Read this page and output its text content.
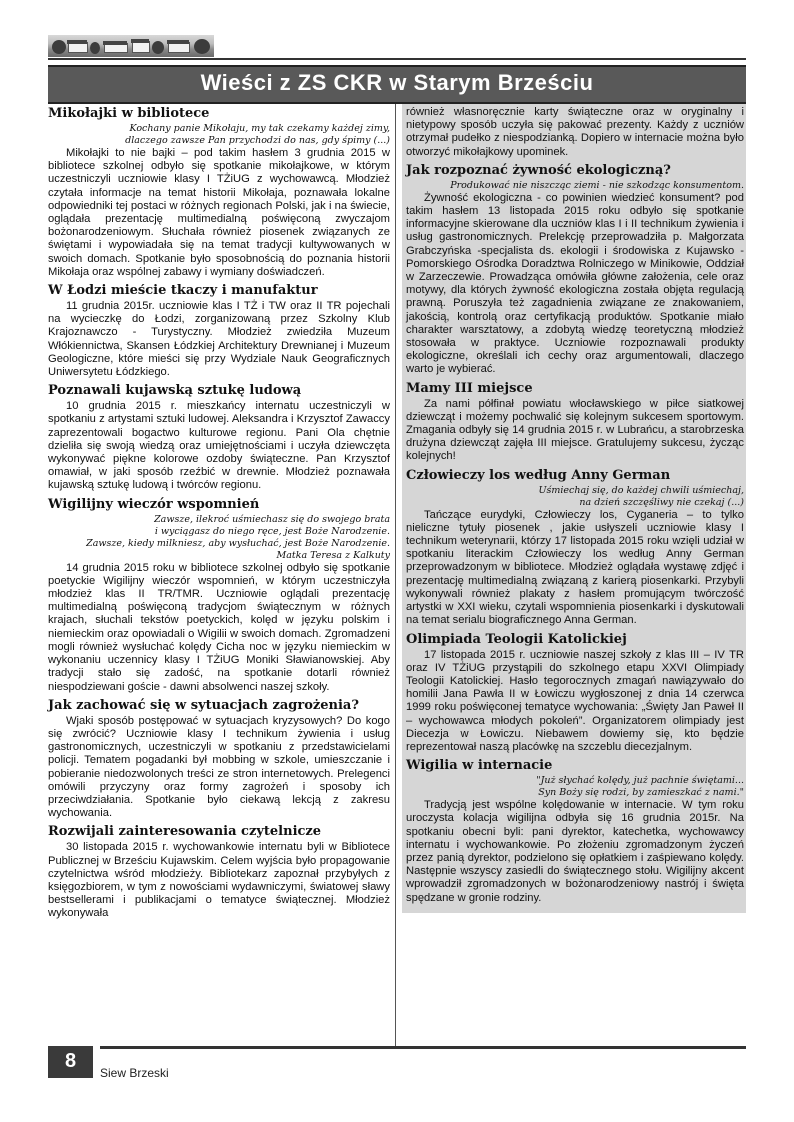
Wieści z ZS CKR w Starym Brześciu
Mikołajki w bibliotece
Kochany panie Mikołaju, my tak czekamy każdej zimy,
dlaczego zawsze Pan przychodzi do nas, gdy śpimy (...)

Mikołajki to nie bajki – pod takim hasłem 3 grudnia 2015 w bibliotece szkolnej odbyło się spotkanie mikołajkowe, w którym uczestniczyli uczniowie klasy I TŻiUG z wychowawcą. Młodzież czytała informacje na temat historii Mikołaja, poznawała lokalne odpowiedniki tej postaci w różnych regionach Polski, jak i na świecie, oglądała prezentację multimedialną poświęconą zwyczajom bożonarodzeniowym. Słuchała również piosenek związanych ze świętami i wypowiadała się na temat tradycji kultywowanych w swoich domach. Spotkanie było sposobnością do poznania historii Mikołaja oraz wspólnej zabawy i wymiany doświadczeń.

W Łodzi mieście tkaczy i manufaktur

11 grudnia 2015r. uczniowie klas I TŻ i TW oraz II TR pojechali na wycieczkę do Łodzi, zorganizowaną przez Szkolny Klub Krajoznawczo - Turystyczny. Młodzież zwiedziła Muzeum Włókiennictwa, Skansen Łódzkiej Architektury Drewnianej i Muzeum Geologiczne, które mieści się przy Wydziale Nauk Geograficznych Uniwersytetu Łódzkiego.

Poznawali kujawską sztukę ludową

10 grudnia 2015 r. mieszkańcy internatu uczestniczyli w spotkaniu z artystami sztuki ludowej. Aleksandra i Krzysztof Zawaccy zaprezentowali bogactwo kulturowe regionu. Pani Ola chętnie dzieliła się swoją wiedzą oraz umiejętnościami i uczyła dziewczęta wykonywać piękne kolorowe ozdoby świąteczne. Pan Krzysztof omawiał, w jaki sposób rzeźbić w drewnie. Młodzież poznawała kujawską sztukę ludową i twórców regionu.

Wigilijny wieczór wspomnień
Zawsze, ilekroć uśmiechasz się do swojego brata
i wyciągasz do niego ręce, jest Boże Narodzenie.
Zawsze, kiedy milkniesz, aby wysłuchać, jest Boże Narodzenie.
Matka Teresa z Kalkuty

14 grudnia 2015 roku w bibliotece szkolnej odbyło się spotkanie poetyckie Wigilijny wieczór wspomnień, w którym uczestniczyła młodzież klas II TR/TMR. Uczniowie oglądali prezentację multimedialną poświęconą tradycjom świątecznym w różnych krajach, słuchali tekstów poetyckich, kolęd w języku polskim i niemieckim oraz opowiadali o Wigilii w swoich domach. Zgromadzeni mogli również wysłuchać kolędy Cicha noc w języku niemieckim w wykonaniu uczennicy klasy I TŻiUG Moniki Sławianowskiej. Aby tradycji stało się zadość, na spotkanie dotarli również niespodziewani goście - dawni absolwenci naszej szkoły.

Jak zachować się w sytuacjach zagrożenia?

Wjaki sposób postępować w sytuacjach kryzysowych? Do kogo się zwrócić? Uczniowie klasy I technikum żywienia i usług gastronomicznych, uczestniczyli w spotkaniu z przedstawicielami policji. Tematem pogadanki był mobbing w szkole, umieszczanie i pobieranie niedozwolonych treści ze stron internetowych. Prelegenci omówili przyczyny oraz formy zagrożeń i sposoby ich przeciwdziałania. Spotkanie było ciekawą lekcją z zakresu wychowania.

Rozwijali zainteresowania czytelnicze

30 listopada 2015 r. wychowankowie internatu byli w Bibliotece Publicznej w Brześciu Kujawskim. Celem wyjścia było propagowanie czytelnictwa wśród młodzieży. Bibliotekarz zapoznał przybyłych z księgozbiorem, w tym z nowościami wydawniczymi, światowej sławy bestsellerami i publikacjami o tematyce świątecznej. Młodzież wykonywała

również własnoręcznie karty świąteczne oraz w oryginalny i nietypowy sposób uczyła się pakować prezenty. Każdy z uczniów otrzymał pudełko z niespodzianką. Dopiero w internacie można było otworzyć mikołajkowy upominek.

Jak rozpoznać żywność ekologiczną?
Produkować nie niszcząc ziemi - nie szkodząc konsumentom.

Żywność ekologiczna - co powinien wiedzieć konsument? pod takim hasłem 13 listopada 2015 roku odbyło się spotkanie informacyjne skierowane dla uczniów klas I i II technikum żywienia i usług gastronomicznych. Prelekcję przeprowadziła p. Małgorzata Grabczyńska -specjalista ds. ekologii i środowiska z Kujawsko - Pomorskiego Ośrodka Doradztwa Rolniczego w Minikowie, Oddział w Zarzeczewie. Prowadząca omówiła główne założenia, cele oraz motywy, dla których żywność ekologiczna została objęta regulacją prawną. Poruszyła też zagadnienia związane ze znakowaniem, jakością, kontrolą oraz certyfikacją produktów. Spotkanie miało charakter warsztatowy, a zdobytą wiedzę teoretyczną młodzież stosowała w praktyce. Uczniowie rozpoznawali produkty ekologiczne, określali ich cechy oraz argumentowali, dlaczego warto je wybierać.

Mamy III miejsce

Za nami półfinał powiatu włocławskiego w piłce siatkowej dziewcząt i możemy pochwalić się kolejnym sukcesem sportowym. Zmagania odbyły się 14 grudnia 2015 r. w Lubrańcu, a starobrzeska drużyna dziewcząt zajęła III miejsce. Gratulujemy sukcesu, życząc kolejnych!

Człowieczy los według Anny German
Uśmiechaj się, do każdej chwili uśmiechaj,
na dzień szczęśliwy nie czekaj (...)

Tańczące eurydyki, Człowieczy los, Cyganeria – to tylko nieliczne tytuły piosenek , jakie usłyszeli uczniowie klasy I technikum weterynarii, którzy 17 listopada 2015 roku wzięli udział w spotkaniu literackim Człowieczy los według Anny German przeprowadzonym w bibliotece. Młodzież oglądała wystawę zdjęć i prezentację multimedialną związaną z karierą piosenkarki. Przybyli wykonywali również plakaty z hasłem promującym twórczość artystki w XXI wieku, czytali wspomnienia piosenkarki i dyskutowali na temat serialu biograficznego Anna German.

Olimpiada Teologii Katolickiej

17 listopada 2015 r. uczniowie naszej szkoły z klas III – IV TR oraz IV TŻiUG przystąpili do szkolnego etapu XXVI Olimpiady Teologii Katolickiej. Hasło tegorocznych zmagań nawiązywało do homilii Jana Pawła II w Łowiczu wygłoszonej z dnia 14 czerwca 1999 roku poświęconej tematyce wychowania: „Święty Jan Paweł II – wychowawca młodych pokoleń”. Organizatorem olimpiady jest Diecezja w Łowiczu. Niebawem dowiemy się, kto będzie reprezentował naszą placówkę na szczeblu diecezjalnym.

Wigilia w internacie
"Już słychać kolędy, już pachnie świętami...
Syn Boży się rodzi, by zamieszkać z nami."

Tradycją jest wspólne kolędowanie w internacie. W tym roku uroczysta kolacja wigilijna odbyła się 16 grudnia 2015r. Na spotkaniu obecni byli: pani dyrektor, katechetka, wychowawcy internatu i wychowankowie. Po złożeniu zgromadzonym życzeń przez panią dyrektor, podzielono się opłatkiem i zaśpiewano kolędy. Następnie wszyscy zasiedli do świątecznego stołu. Wigilijny akcent wprowadził zgromadzonych w bożonarodzeniowy nastrój i święta spędzane w gronie rodziny.

8
Siew Brzeski
